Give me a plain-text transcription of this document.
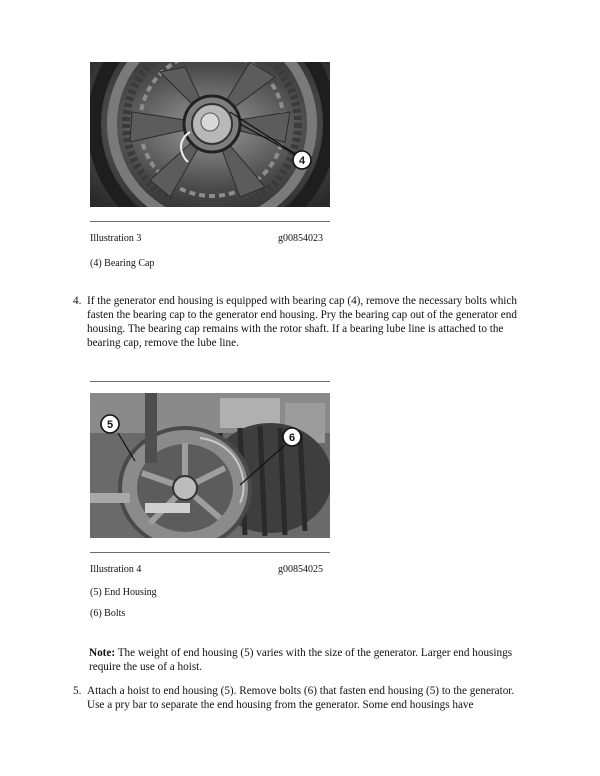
4
Illustration 3	g00854023
(4) Bearing Cap
4. If the generator end housing is equipped with bearing cap (4), remove the necessary bolts which
fasten the bearing cap to the generator end housing. Pry the bearing cap out of the generator end
housing. The bearing cap remains with the rotor shaft. If a bearing lube line is attached to the
bearing cap, remove the lube line.
5
6
Illustration 4	g00854025
(5) End Housing
(6) Bolts
Note: The weight of end housing (5) varies with the size of the generator. Larger end housings
require the use of a hoist.
5. Attach a hoist to end housing (5). Remove bolts (6) that fasten end housing (5) to the generator.
Use a pry bar to separate the end housing from the generator. Some end housings have
